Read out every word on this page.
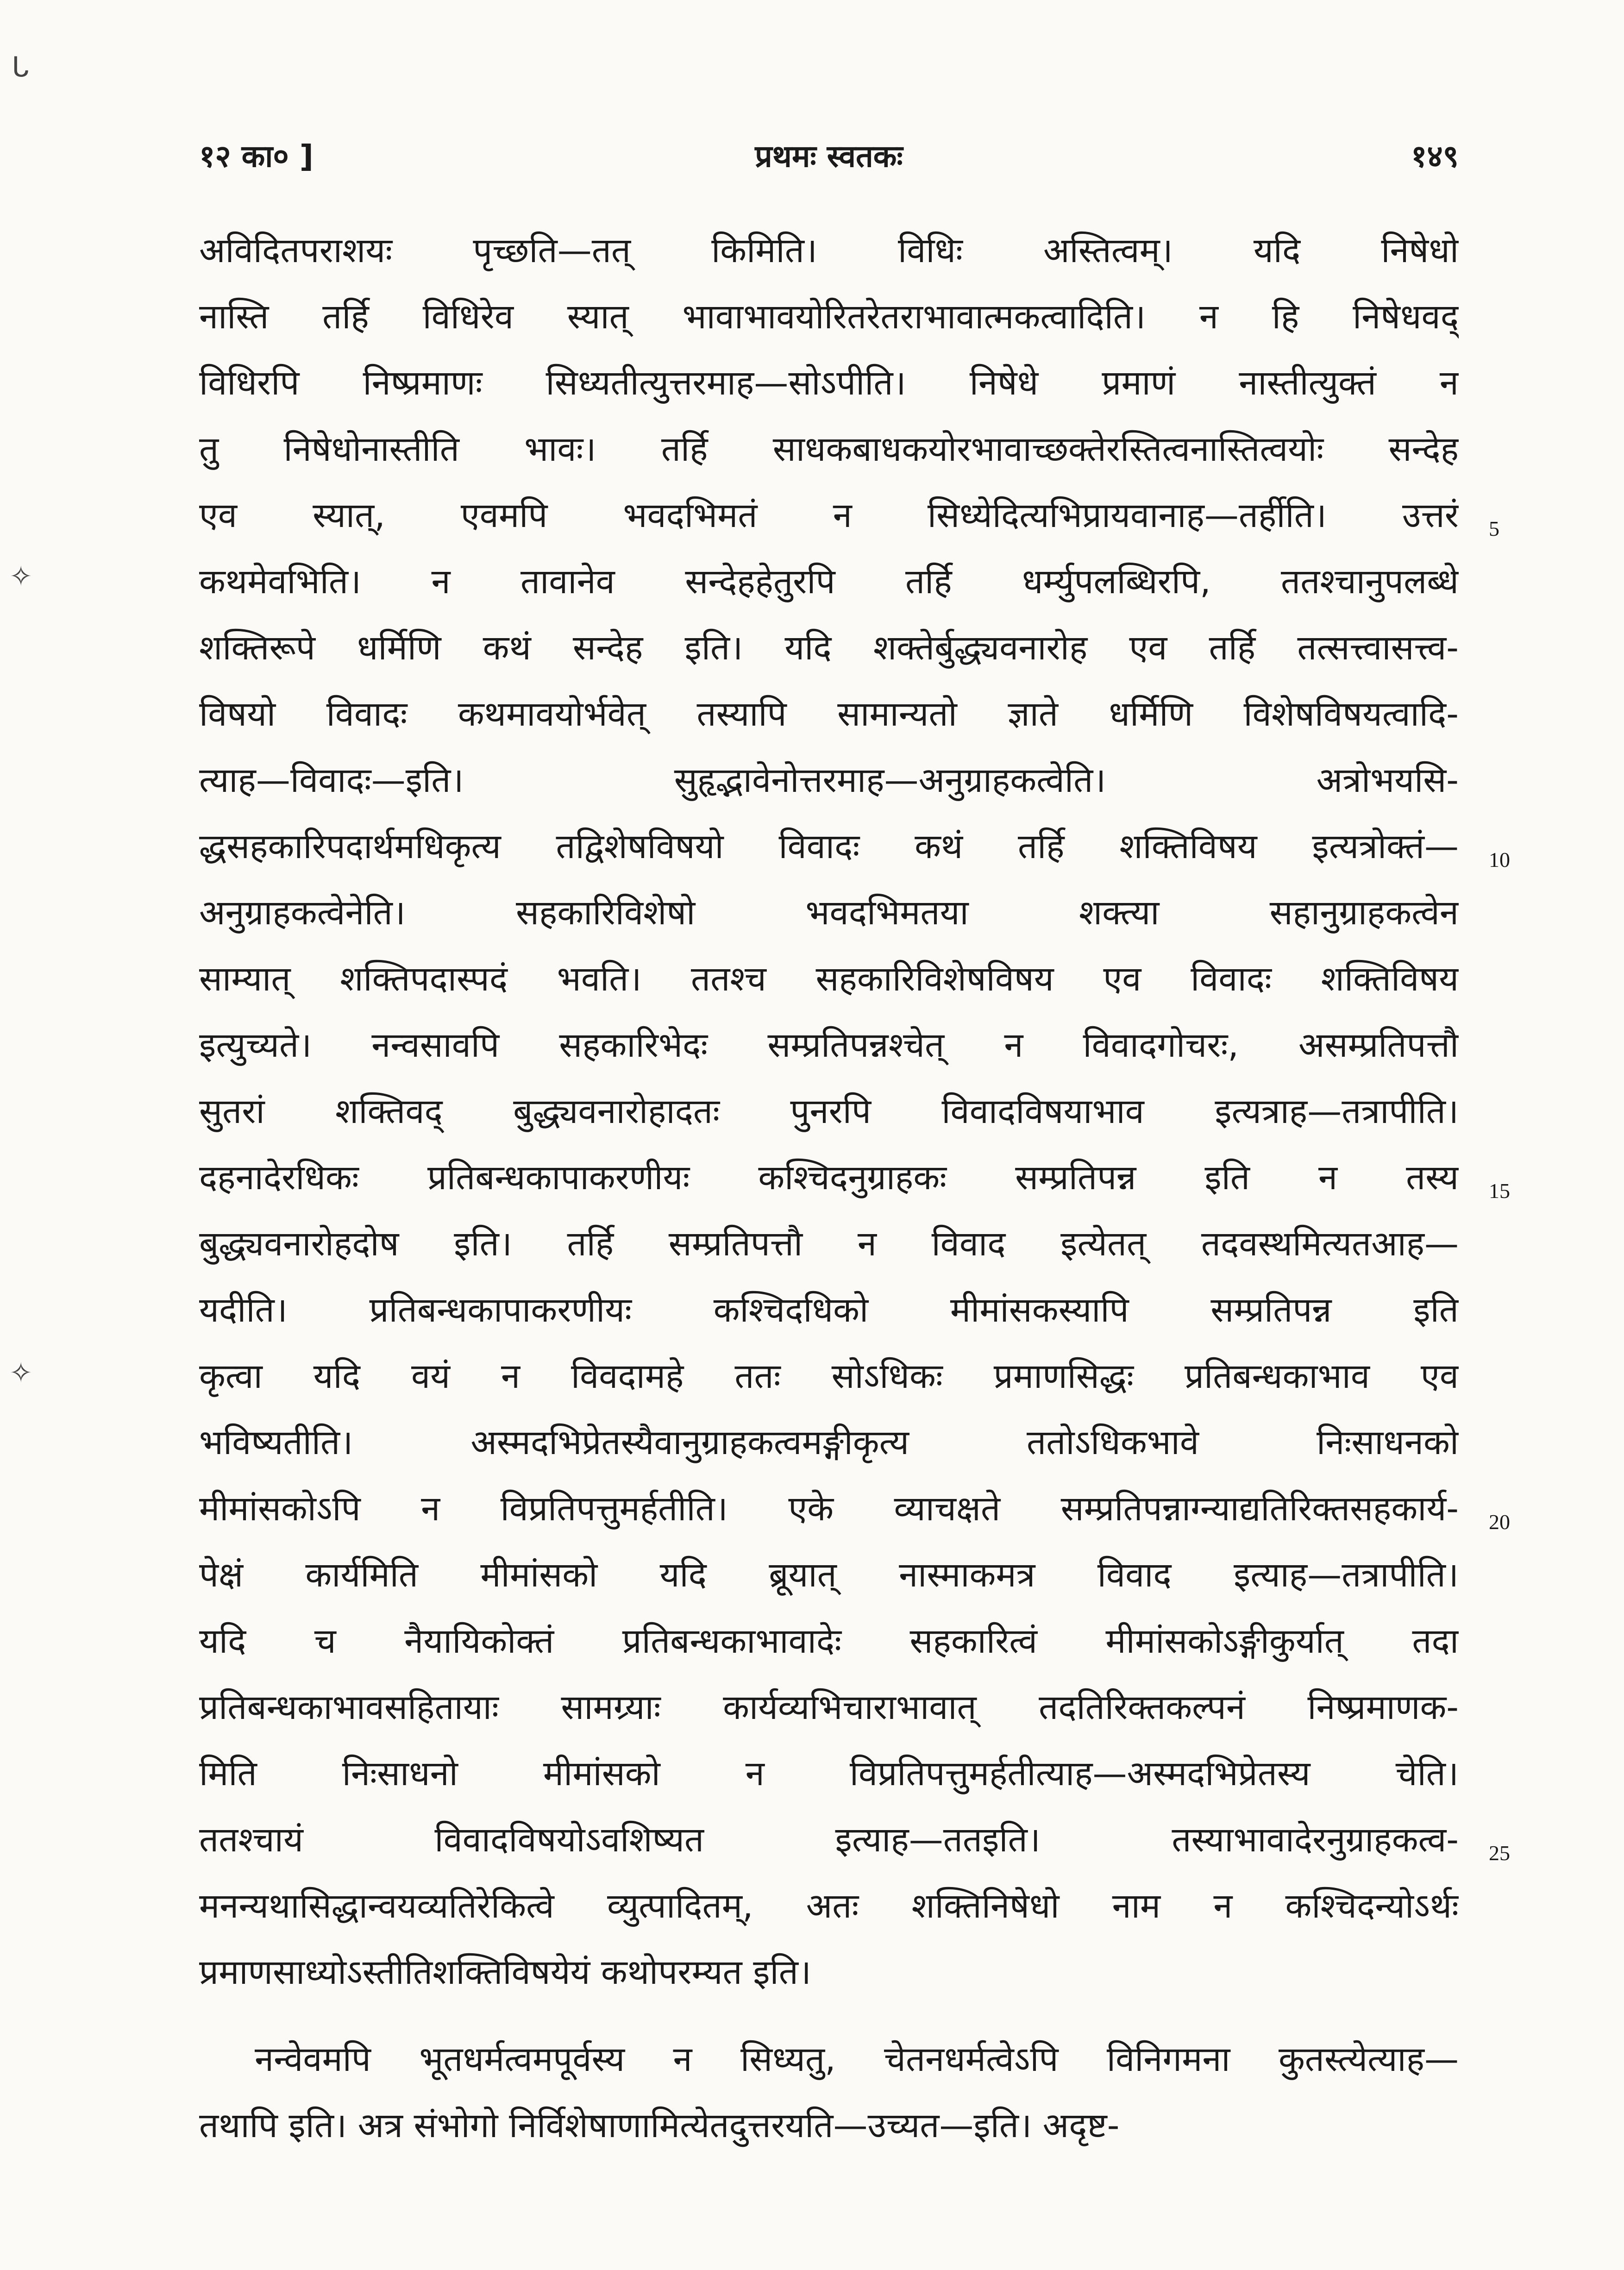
१२ का० ]	प्रथमः स्वतकः	१४९
ᒐ
✧
✧
अविदितपराशयः पृच्छति—तत् किमिति। विधिः अस्तित्वम्। यदि निषेधो
नास्ति तर्हि विधिरेव स्यात् भावाभावयोरितरेतराभावात्मकत्वादिति। न हि निषेधवद्
विधिरपि निष्प्रमाणः सिध्यतीत्युत्तरमाह—सोऽपीति। निषेधे प्रमाणं नास्तीत्युक्तं न
तु निषेधोनास्तीति भावः। तर्हि साधकबाधकयोरभावाच्छक्तेरस्तित्वनास्तित्वयोः सन्देह
एव स्यात्, एवमपि भवदभिमतं न सिध्येदित्यभिप्रायवानाह—तर्हीति। उत्तरं
कथमेवभिति। न तावानेव सन्देहहेतुरपि तर्हि धर्म्युपलब्धिरपि, ततश्चानुपलब्धे
शक्तिरूपे धर्मिणि कथं सन्देह इति। यदि शक्तेर्बुद्ध्यवनारोह एव तर्हि तत्सत्त्वासत्त्व-
विषयो विवादः कथमावयोर्भवेत् तस्यापि सामान्यतो ज्ञाते धर्मिणि विशेषविषयत्वादि-
त्याह—विवादः—इति। सुहृद्भावेनोत्तरमाह—अनुग्राहकत्वेति। अत्रोभयसि-
द्धसहकारिपदार्थमधिकृत्य तद्विशेषविषयो विवादः कथं तर्हि शक्तिविषय इत्यत्रोक्तं—
अनुग्राहकत्वेनेति। सहकारिविशेषो भवदभिमतया शक्त्या सहानुग्राहकत्वेन
साम्यात् शक्तिपदास्पदं भवति। ततश्च सहकारिविशेषविषय एव विवादः शक्तिविषय
इत्युच्यते। नन्वसावपि सहकारिभेदः सम्प्रतिपन्नश्चेत् न विवादगोचरः, असम्प्रतिपत्तौ
सुतरां शक्तिवद् बुद्ध्यवनारोहादतः पुनरपि विवादविषयाभाव इत्यत्राह—तत्रापीति।
दहनादेरधिकः प्रतिबन्धकापाकरणीयः कश्चिदनुग्राहकः सम्प्रतिपन्न इति न तस्य
बुद्ध्यवनारोहदोष इति। तर्हि सम्प्रतिपत्तौ न विवाद इत्येतत् तदवस्थमित्यतआह—
यदीति। प्रतिबन्धकापाकरणीयः कश्चिदधिको मीमांसकस्यापि सम्प्रतिपन्न इति
कृत्वा यदि वयं न विवदामहे ततः सोऽधिकः प्रमाणसिद्धः प्रतिबन्धकाभाव एव
भविष्यतीति। अस्मदभिप्रेतस्यैवानुग्राहकत्वमङ्गीकृत्य ततोऽधिकभावे निःसाधनको
मीमांसकोऽपि न विप्रतिपत्तुमर्हतीति। एके व्याचक्षते सम्प्रतिपन्नाग्न्याद्यतिरिक्तसहकार्य-
पेक्षं कार्यमिति मीमांसको यदि ब्रूयात् नास्माकमत्र विवाद इत्याह—तत्रापीति।
यदि च नैयायिकोक्तं प्रतिबन्धकाभावादेः सहकारित्वं मीमांसकोऽङ्गीकुर्यात् तदा
प्रतिबन्धकाभावसहितायाः सामग्र्याः कार्यव्यभिचाराभावात् तदतिरिक्तकल्पनं निष्प्रमाणक-
मिति निःसाधनो मीमांसको न विप्रतिपत्तुमर्हतीत्याह—अस्मदभिप्रेतस्य चेति।
ततश्चायं विवादविषयोऽवशिष्यत इत्याह—ततइति। तस्याभावादेरनुग्राहकत्व-
मनन्यथासिद्धान्वयव्यतिरेकित्वे व्युत्पादितम्, अतः शक्तिनिषेधो नाम न कश्चिदन्योऽर्थः
प्रमाणसाध्योऽस्तीतिशक्तिविषयेयं कथोपरम्यत इति।
नन्वेवमपि भूतधर्मत्वमपूर्वस्य न सिध्यतु, चेतनधर्मत्वेऽपि विनिगमना कुतस्त्येत्याह—
तथापि इति। अत्र संभोगो निर्विशेषाणामित्येतदुत्तरयति—उच्यत—इति। अदृष्ट-
5
10
15
20
25
